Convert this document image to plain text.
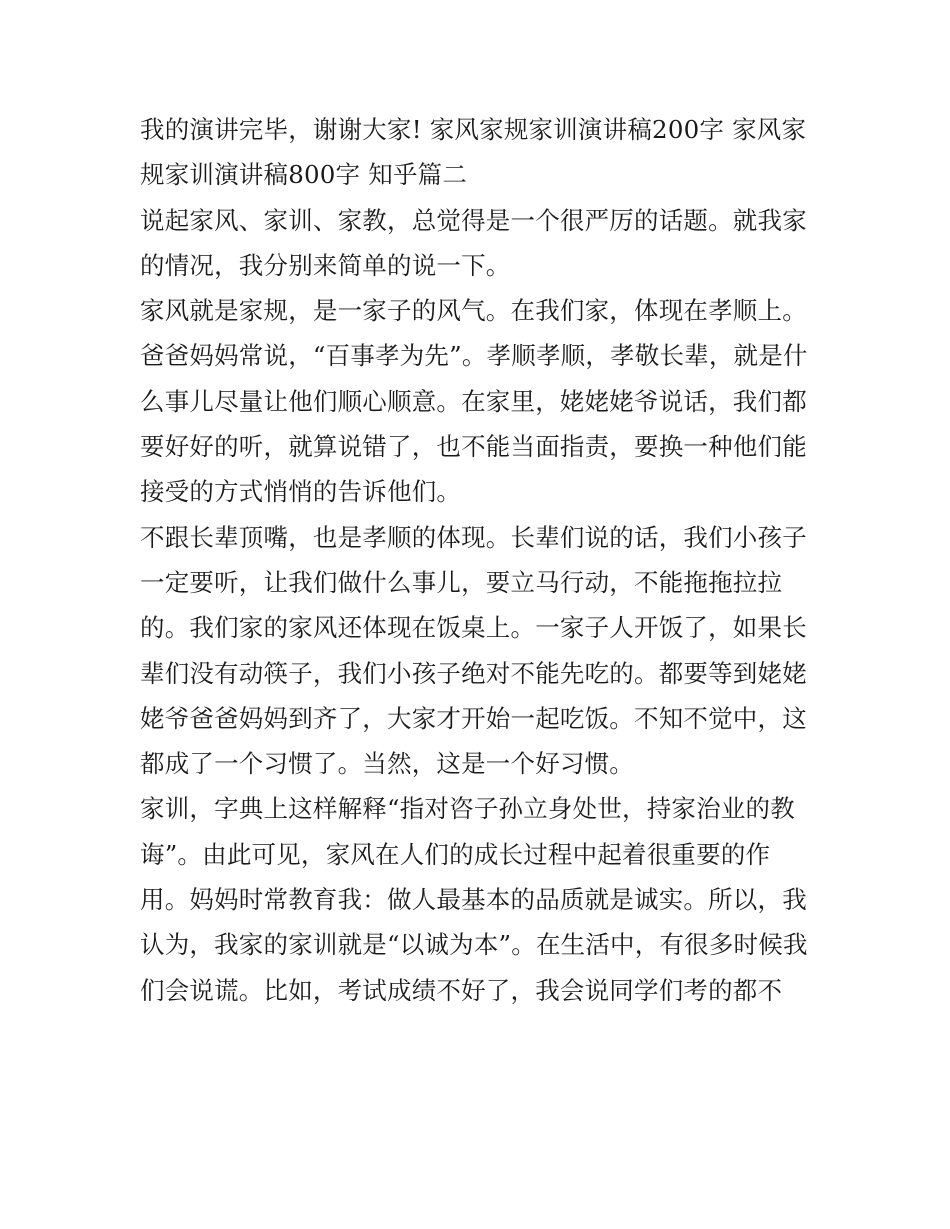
我的演讲完毕，谢谢大家! 家风家规家训演讲稿200字 家风家
规家训演讲稿800字 知乎篇二
说起家风、家训、家教，总觉得是一个很严厉的话题。就我家
的情况，我分别来简单的说一下。
家风就是家规，是一家子的风气。在我们家，体现在孝顺上。
爸爸妈妈常说，“百事孝为先”。孝顺孝顺，孝敬长辈，就是什
么事儿尽量让他们顺心顺意。在家里，姥姥姥爷说话，我们都
要好好的听，就算说错了，也不能当面指责，要换一种他们能
接受的方式悄悄的告诉他们。
不跟长辈顶嘴，也是孝顺的体现。长辈们说的话，我们小孩子
一定要听，让我们做什么事儿，要立马行动，不能拖拖拉拉
的。我们家的家风还体现在饭桌上。一家子人开饭了，如果长
辈们没有动筷子，我们小孩子绝对不能先吃的。都要等到姥姥
姥爷爸爸妈妈到齐了，大家才开始一起吃饭。不知不觉中，这
都成了一个习惯了。当然，这是一个好习惯。
家训，字典上这样解释“指对咨子孙立身处世，持家治业的教
诲”。由此可见，家风在人们的成长过程中起着很重要的作
用。妈妈时常教育我：做人最基本的品质就是诚实。所以，我
认为，我家的家训就是“以诚为本”。在生活中，有很多时候我
们会说谎。比如，考试成绩不好了，我会说同学们考的都不
